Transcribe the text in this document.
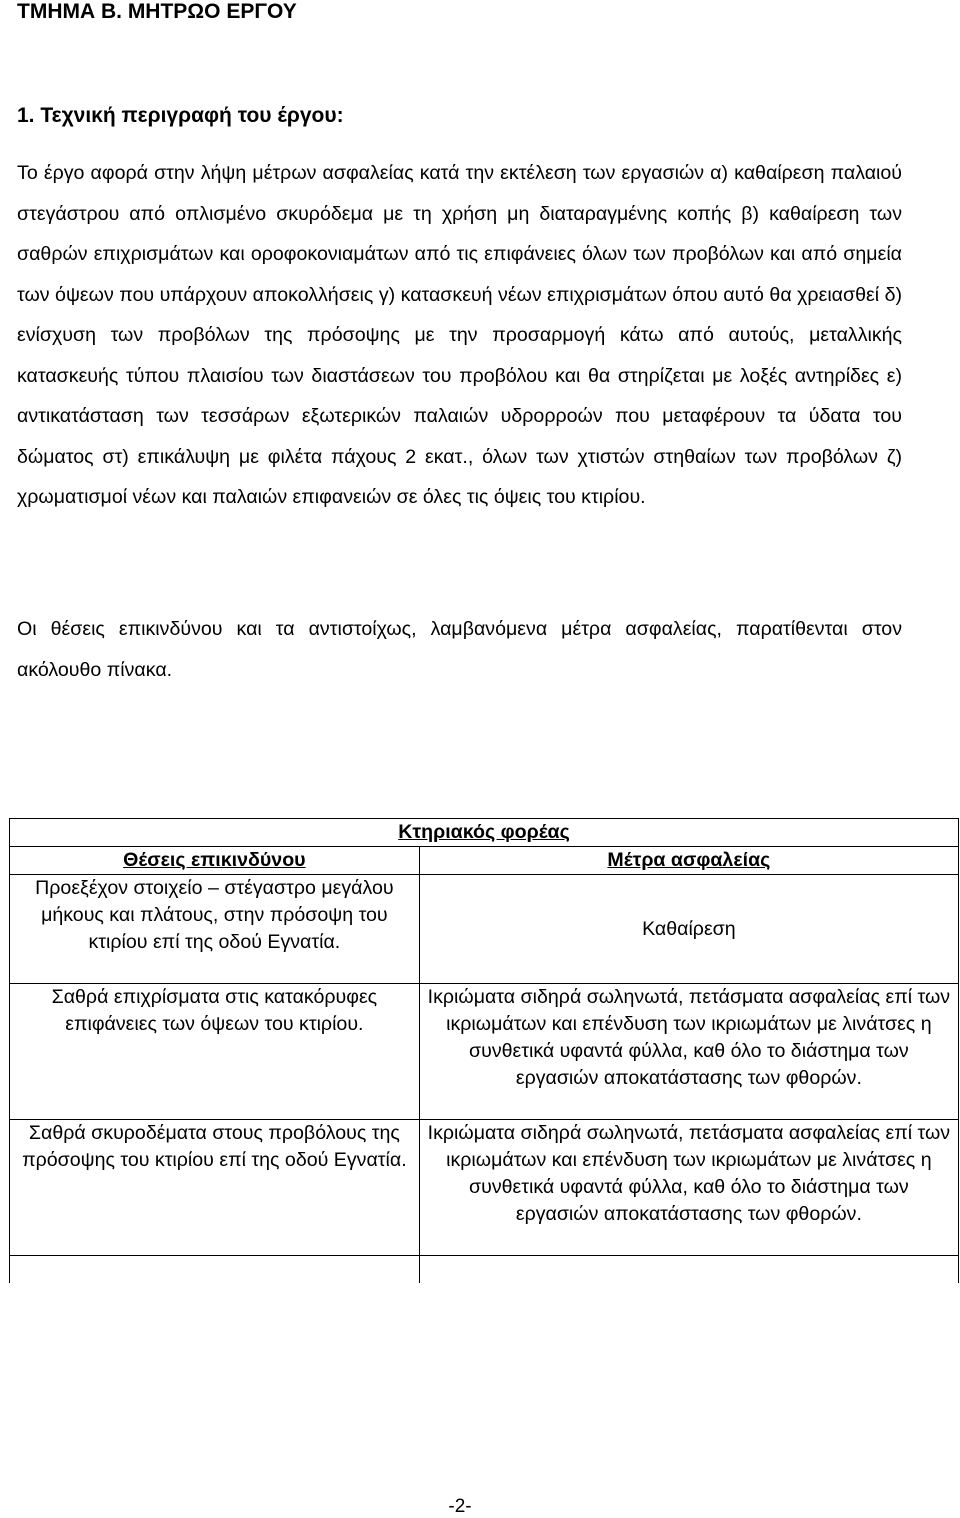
ΤΜΗΜΑ Β. ΜΗΤΡΩΟ ΕΡΓΟΥ
1. Τεχνική περιγραφή του έργου:

Το έργο αφορά στην λήψη μέτρων ασφαλείας κατά την εκτέλεση των εργασιών α) καθαίρεση παλαιού στεγάστρου από οπλισμένο σκυρόδεμα με τη χρήση μη διαταραγμένης κοπής β) καθαίρεση των σαθρών επιχρισμάτων και οροφοκονιαμάτων από τις επιφάνειες όλων των προβόλων και από σημεία των όψεων που υπάρχουν αποκολλήσεις γ) κατασκευή νέων επιχρισμάτων όπου αυτό θα χρειασθεί δ) ενίσχυση των προβόλων της πρόσοψης με την προσαρμογή κάτω από αυτούς, μεταλλικής κατασκευής τύπου πλαισίου των διαστάσεων του προβόλου και θα στηρίζεται με λοξές αντηρίδες ε) αντικατάσταση των τεσσάρων εξωτερικών παλαιών υδρορροών που μεταφέρουν τα ύδατα του δώματος στ) επικάλυψη με φιλέτα πάχους 2 εκατ., όλων των χτιστών στηθαίων των προβόλων ζ) χρωματισμοί νέων και παλαιών επιφανειών σε όλες τις όψεις του κτιρίου.

Οι θέσεις επικινδύνου και τα αντιστοίχως, λαμβανόμενα μέτρα ασφαλείας, παρατίθενται στον ακόλουθο πίνακα.

Κτηριακός φορέας	
Θέσεις επικινδύνου	Μέτρα ασφαλείας
Προεξέχον στοιχείο – στέγαστρο μεγάλου μήκους και πλάτους, στην πρόσοψη του κτιρίου επί της οδού Εγνατία.	Καθαίρεση
Σαθρά επιχρίσματα στις κατακόρυφες επιφάνειες των όψεων του κτιρίου.	Ικριώματα σιδηρά σωληνωτά, πετάσματα ασφαλείας επί των ικριωμάτων και επένδυση των ικριωμάτων με λινάτσες η συνθετικά υφαντά φύλλα, καθ όλο το διάστημα των εργασιών αποκατάστασης των φθορών.
Σαθρά σκυροδέματα στους προβόλους της πρόσοψης του κτιρίου επί της οδού Εγνατία.	Ικριώματα σιδηρά σωληνωτά, πετάσματα ασφαλείας επί των ικριωμάτων και επένδυση των ικριωμάτων με λινάτσες η συνθετικά υφαντά φύλλα, καθ όλο το διάστημα των εργασιών αποκατάστασης των φθορών.

-2-
